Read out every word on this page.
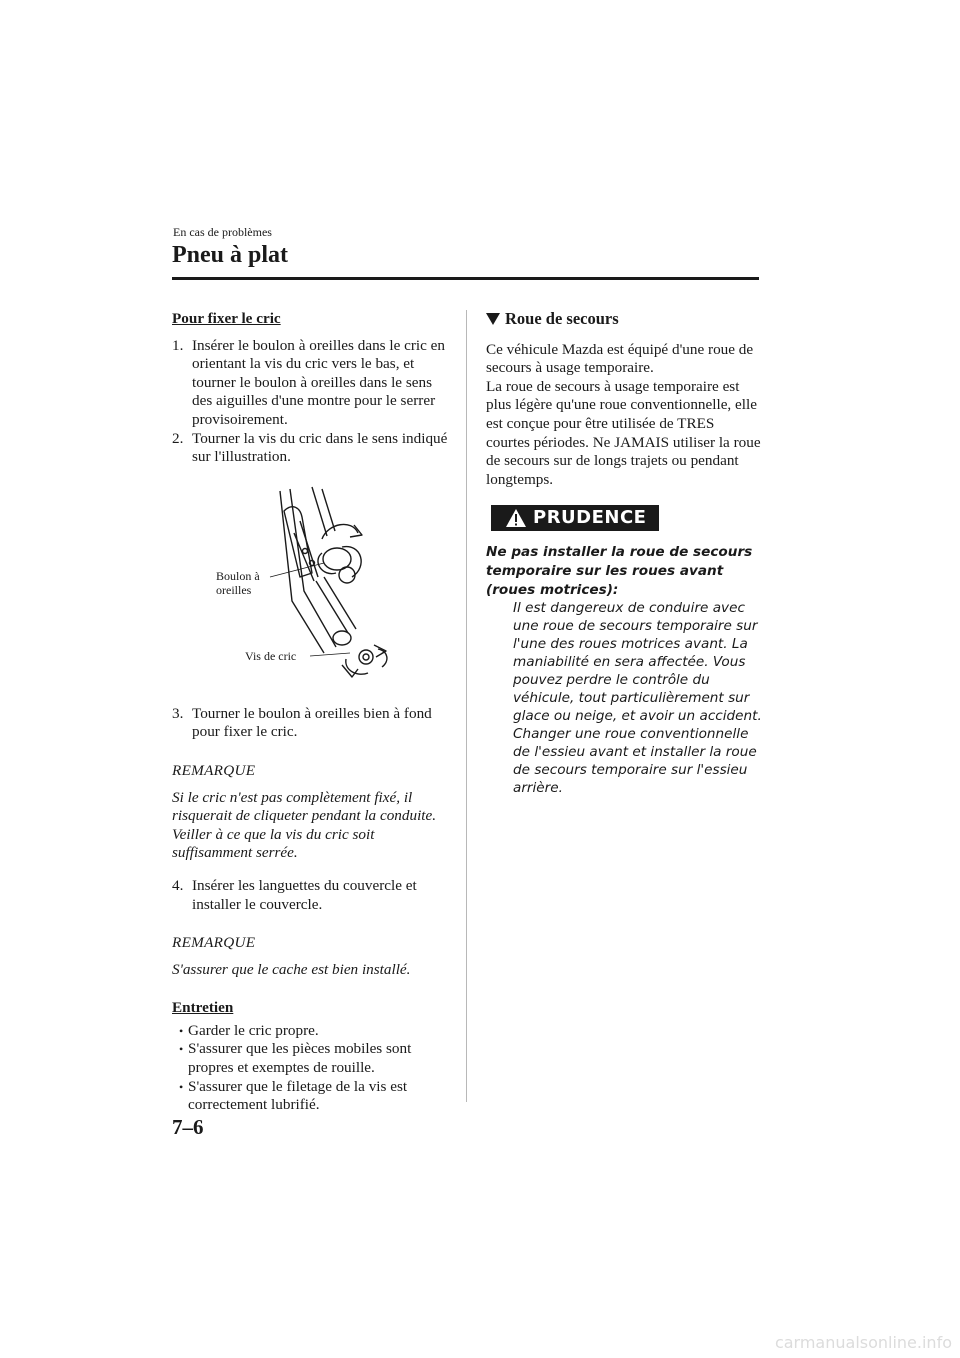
En cas de problèmes
Pneu à plat

Pour fixer le cric

1. Insérer le boulon à oreilles dans le cric en orientant la vis du cric vers le bas, et tourner le boulon à oreilles dans le sens des aiguilles d'une montre pour le serrer provisoirement.
2. Tourner la vis du cric dans le sens indiqué sur l'illustration.
Boulon à
oreilles
Vis de cric
3. Tourner le boulon à oreilles bien à fond pour fixer le cric.

REMARQUE

Si le cric n'est pas complètement fixé, il risquerait de cliqueter pendant la conduite. Veiller à ce que la vis du cric soit suffisamment serrée.

4. Insérer les languettes du couvercle et installer le couvercle.

REMARQUE

S'assurer que le cache est bien installé.

Entretien

• Garder le cric propre.
• S'assurer que les pièces mobiles sont propres et exemptes de rouille.
• S'assurer que le filetage de la vis est correctement lubrifié.
Roue de secours

Ce véhicule Mazda est équipé d'une roue de secours à usage temporaire.

La roue de secours à usage temporaire est plus légère qu'une roue conventionnelle, elle est conçue pour être utilisée de TRES courtes périodes. Ne JAMAIS utiliser la roue de secours sur de longs trajets ou pendant longtemps.

PRUDENCE

Ne pas installer la roue de secours temporaire sur les roues avant (roues motrices):

Il est dangereux de conduire avec une roue de secours temporaire sur l'une des roues motrices avant. La maniabilité en sera affectée. Vous pouvez perdre le contrôle du véhicule, tout particulièrement sur glace ou neige, et avoir un accident. Changer une roue conventionnelle de l'essieu avant et installer la roue de secours temporaire sur l'essieu arrière.

7–6
carmanualsonline.info
